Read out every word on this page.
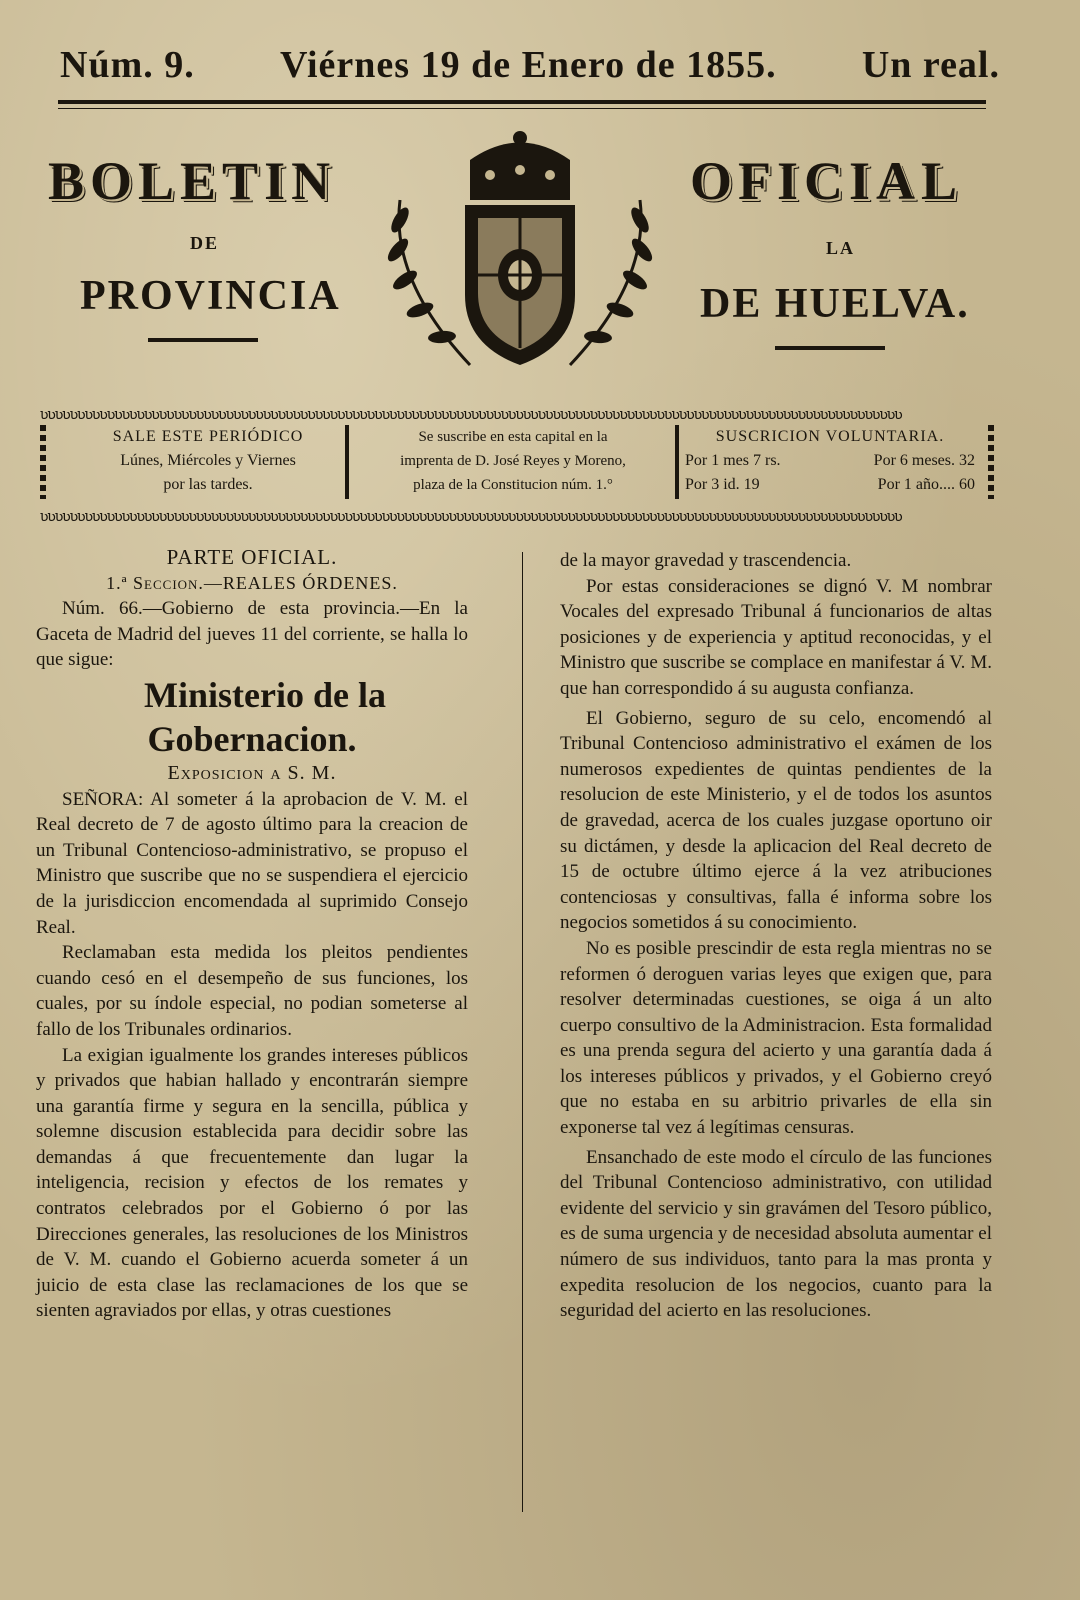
Núm. 9. Viérnes 19 de Enero de 1855. Un real.
BOLETIN	OFICIAL
DE	LA
PROVINCIA	DE HUELVA.
ʋʋʋʋʋʋʋʋʋʋʋʋʋʋʋʋʋʋʋʋʋʋʋʋʋʋʋʋʋʋʋʋʋʋʋʋʋʋʋʋʋʋʋʋʋʋʋʋʋʋʋʋʋʋʋʋʋʋʋʋʋʋʋʋʋʋʋʋʋʋʋʋʋʋʋʋʋʋʋʋʋʋʋʋʋʋʋʋʋʋʋʋʋʋʋʋʋʋʋʋʋʋʋʋʋʋʋʋʋʋʋʋʋʋʋʋ
SALE ESTE PERIÓDICO
Lúnes, Miércoles y Viernes
por las tardes.
Se suscribe en esta capital en la
imprenta de D. José Reyes y Moreno,
plaza de la Constitucion núm. 1.°
SUSCRICION VOLUNTARIA.
Por 1 mes 7 rs.	Por 6 meses. 32
Por 3 id. 19	Por 1 año.... 60
ʋʋʋʋʋʋʋʋʋʋʋʋʋʋʋʋʋʋʋʋʋʋʋʋʋʋʋʋʋʋʋʋʋʋʋʋʋʋʋʋʋʋʋʋʋʋʋʋʋʋʋʋʋʋʋʋʋʋʋʋʋʋʋʋʋʋʋʋʋʋʋʋʋʋʋʋʋʋʋʋʋʋʋʋʋʋʋʋʋʋʋʋʋʋʋʋʋʋʋʋʋʋʋʋʋʋʋʋʋʋʋʋʋʋʋʋ

PARTE OFICIAL.

1.ª Seccion.—REALES ÓRDENES.

Núm. 66.—Gobierno de esta provincia.—En la Gaceta de Madrid del jueves 11 del corriente, se halla lo que sigue:

Ministerio de la Gobernacion.

Exposicion a S. M.

SEÑORA: Al someter á la aprobacion de V. M. el Real decreto de 7 de agosto último para la creacion de un Tribunal Contencioso-administrativo, se propuso el Ministro que suscribe que no se suspendiera el ejercicio de la jurisdiccion encomendada al suprimido Consejo Real.

Reclamaban esta medida los pleitos pendientes cuando cesó en el desempeño de sus funciones, los cuales, por su índole especial, no podian someterse al fallo de los Tribunales ordinarios.

La exigian igualmente los grandes intereses públicos y privados que habian hallado y encontrarán siempre una garantía firme y segura en la sencilla, pública y solemne discusion establecida para decidir sobre las demandas á que frecuentemente dan lugar la inteligencia, recision y efectos de los remates y contratos celebrados por el Gobierno ó por las Direcciones generales, las resoluciones de los Ministros de V. M. cuando el Gobierno acuerda someter á un juicio de esta clase las reclamaciones de los que se sienten agraviados por ellas, y otras cuestiones

de la mayor gravedad y trascendencia.

Por estas consideraciones se dignó V. M nombrar Vocales del expresado Tribunal á funcionarios de altas posiciones y de experiencia y aptitud reconocidas, y el Ministro que suscribe se complace en manifestar á V. M. que han correspondido á su augusta confianza.

El Gobierno, seguro de su celo, encomendó al Tribunal Contencioso administrativo el exámen de los numerosos expedientes de quintas pendientes de la resolucion de este Ministerio, y el de todos los asuntos de gravedad, acerca de los cuales juzgase oportuno oir su dictámen, y desde la aplicacion del Real decreto de 15 de octubre último ejerce á la vez atribuciones contenciosas y consultivas, falla é informa sobre los negocios sometidos á su conocimiento.

No es posible prescindir de esta regla mientras no se reformen ó deroguen varias leyes que exigen que, para resolver determinadas cuestiones, se oiga á un alto cuerpo consultivo de la Administracion. Esta formalidad es una prenda segura del acierto y una garantía dada á los intereses públicos y privados, y el Gobierno creyó que no estaba en su arbitrio privarles de ella sin exponerse tal vez á legítimas censuras.

Ensanchado de este modo el círculo de las funciones del Tribunal Contencioso administrativo, con utilidad evidente del servicio y sin gravámen del Tesoro público, es de suma urgencia y de necesidad absoluta aumentar el número de sus individuos, tanto para la mas pronta y expedita resolucion de los negocios, cuanto para la seguridad del acierto en las resoluciones.
